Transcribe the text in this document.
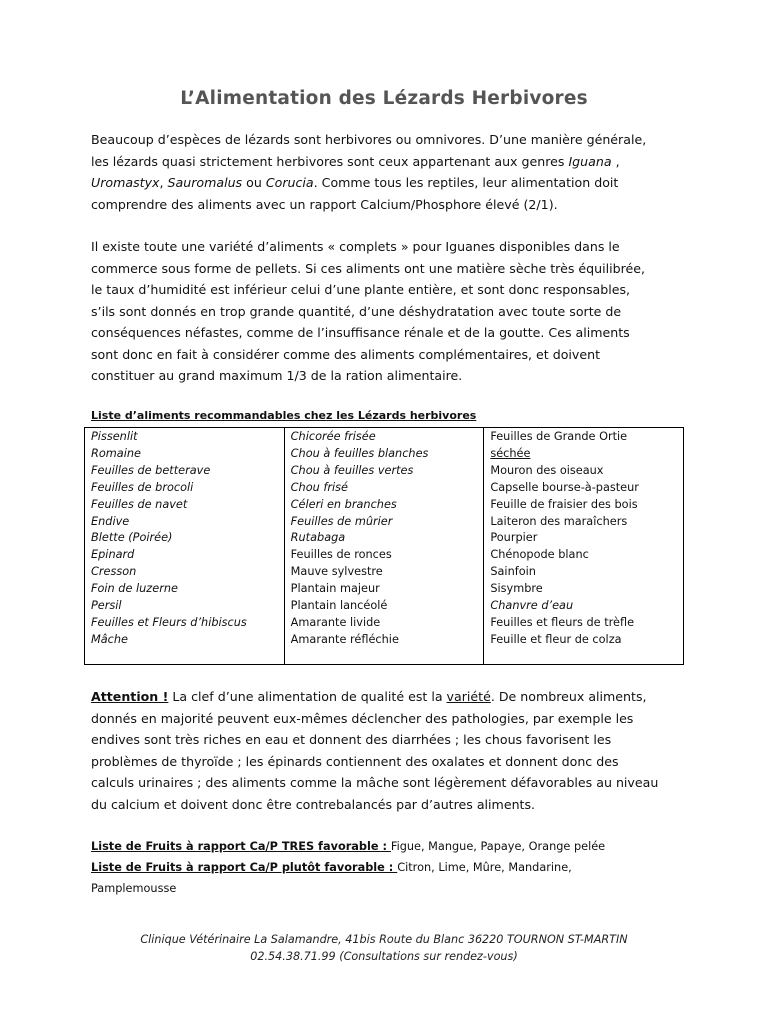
L’Alimentation des Lézards Herbivores
Beaucoup d’espèces de lézards sont herbivores ou omnivores. D’une manière générale,
les lézards quasi strictement herbivores sont ceux appartenant aux genres Iguana ,
Uromastyx, Sauromalus ou Corucia. Comme tous les reptiles, leur alimentation doit
comprendre des aliments avec un rapport Calcium/Phosphore élevé (2/1).
Il existe toute une variété d’aliments « complets » pour Iguanes disponibles dans le
commerce sous forme de pellets. Si ces aliments ont une matière sèche très équilibrée,
le taux d’humidité est inférieur celui d’une plante entière, et sont donc responsables,
s’ils sont donnés en trop grande quantité, d’une déshydratation avec toute sorte de
conséquences néfastes, comme de l’insuffisance rénale et de la goutte. Ces aliments
sont donc en fait à considérer comme des aliments complémentaires, et doivent
constituer au grand maximum 1/3 de la ration alimentaire.
Liste d’aliments recommandables chez les Lézards herbivores
Pissenlit
Romaine
Feuilles de betterave
Feuilles de brocoli
Feuilles de navet
Endive
Blette (Poirée)
Epinard
Cresson
Foin de luzerne
Persil
Feuilles et Fleurs d’hibiscus
Mâche
Chicorée frisée
Chou à feuilles blanches
Chou à feuilles vertes
Chou frisé
Céleri en branches
Feuilles de mûrier
Rutabaga
Feuilles de ronces
Mauve sylvestre
Plantain majeur
Plantain lancéolé
Amarante livide
Amarante réfléchie
Feuilles de Grande Ortie
séchée
Mouron des oiseaux
Capselle bourse-à-pasteur
Feuille de fraisier des bois
Laiteron des maraîchers
Pourpier
Chénopode blanc
Sainfoin
Sisymbre
Chanvre d’eau
Feuilles et fleurs de trèfle
Feuille et fleur de colza
Attention ! La clef d’une alimentation de qualité est la variété. De nombreux aliments,
donnés en majorité peuvent eux-mêmes déclencher des pathologies, par exemple les
endives sont très riches en eau et donnent des diarrhées ; les chous favorisent les
problèmes de thyroïde ; les épinards contiennent des oxalates et donnent donc des
calculs urinaires ; des aliments comme la mâche sont légèrement défavorables au niveau
du calcium et doivent donc être contrebalancés par d’autres aliments.
Liste de Fruits à rapport Ca/P TRES favorable : Figue, Mangue, Papaye, Orange pelée
Liste de Fruits à rapport Ca/P plutôt favorable : Citron, Lime, Mûre, Mandarine,
Pamplemousse
Clinique Vétérinaire La Salamandre, 41bis Route du Blanc 36220 TOURNON ST-MARTIN
02.54.38.71.99 (Consultations sur rendez-vous)
